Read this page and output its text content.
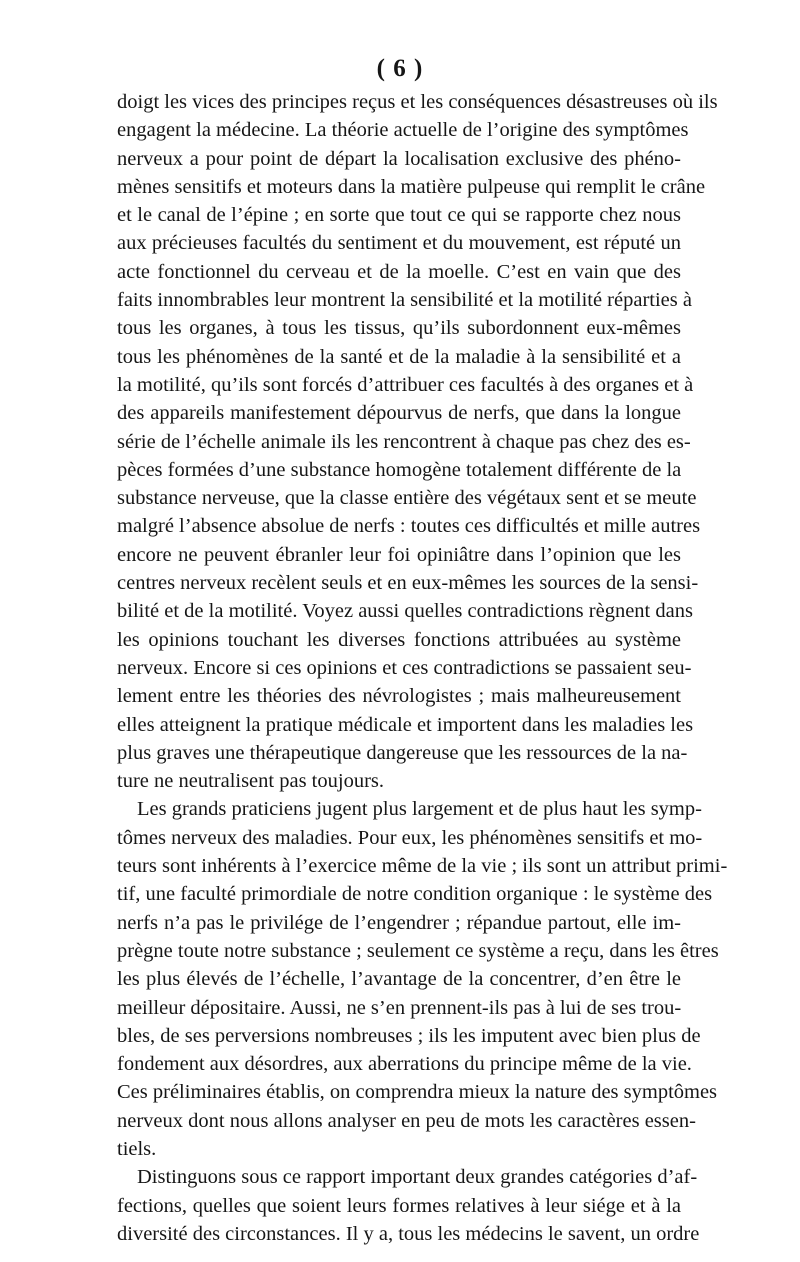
( 6 )
doigt les vices des principes reçus et les conséquences désastreuses où ils
engagent la médecine. La théorie actuelle de l’origine des symptômes
nerveux a pour point de départ la localisation exclusive des phéno-
mènes sensitifs et moteurs dans la matière pulpeuse qui remplit le crâne
et le canal de l’épine ; en sorte que tout ce qui se rapporte chez nous
aux précieuses facultés du sentiment et du mouvement, est réputé un
acte fonctionnel du cerveau et de la moelle. C’est en vain que des
faits innombrables leur montrent la sensibilité et la motilité réparties à
tous les organes, à tous les tissus, qu’ils subordonnent eux-mêmes
tous les phénomènes de la santé et de la maladie à la sensibilité et a
la motilité, qu’ils sont forcés d’attribuer ces facultés à des organes et à
des appareils manifestement dépourvus de nerfs, que dans la longue
série de l’échelle animale ils les rencontrent à chaque pas chez des es-
pèces formées d’une substance homogène totalement différente de la
substance nerveuse, que la classe entière des végétaux sent et se meute
malgré l’absence absolue de nerfs : toutes ces difficultés et mille autres
encore ne peuvent ébranler leur foi opiniâtre dans l’opinion que les
centres nerveux recèlent seuls et en eux-mêmes les sources de la sensi-
bilité et de la motilité. Voyez aussi quelles contradictions règnent dans
les opinions touchant les diverses fonctions attribuées au système
nerveux. Encore si ces opinions et ces contradictions se passaient seu-
lement entre les théories des névrologistes ; mais malheureusement
elles atteignent la pratique médicale et importent dans les maladies les
plus graves une thérapeutique dangereuse que les ressources de la na-
ture ne neutralisent pas toujours.
Les grands praticiens jugent plus largement et de plus haut les symp-
tômes nerveux des maladies. Pour eux, les phénomènes sensitifs et mo-
teurs sont inhérents à l’exercice même de la vie ; ils sont un attribut primi-
tif, une faculté primordiale de notre condition organique : le système des
nerfs n’a pas le privilége de l’engendrer ; répandue partout, elle im-
prègne toute notre substance ; seulement ce système a reçu, dans les êtres
les plus élevés de l’échelle, l’avantage de la concentrer, d’en être le
meilleur dépositaire. Aussi, ne s’en prennent-ils pas à lui de ses trou-
bles, de ses perversions nombreuses ; ils les imputent avec bien plus de
fondement aux désordres, aux aberrations du principe même de la vie.
Ces préliminaires établis, on comprendra mieux la nature des symptômes
nerveux dont nous allons analyser en peu de mots les caractères essen-
tiels.
Distinguons sous ce rapport important deux grandes catégories d’af-
fections, quelles que soient leurs formes relatives à leur siége et à la
diversité des circonstances. Il y a, tous les médecins le savent, un ordre
